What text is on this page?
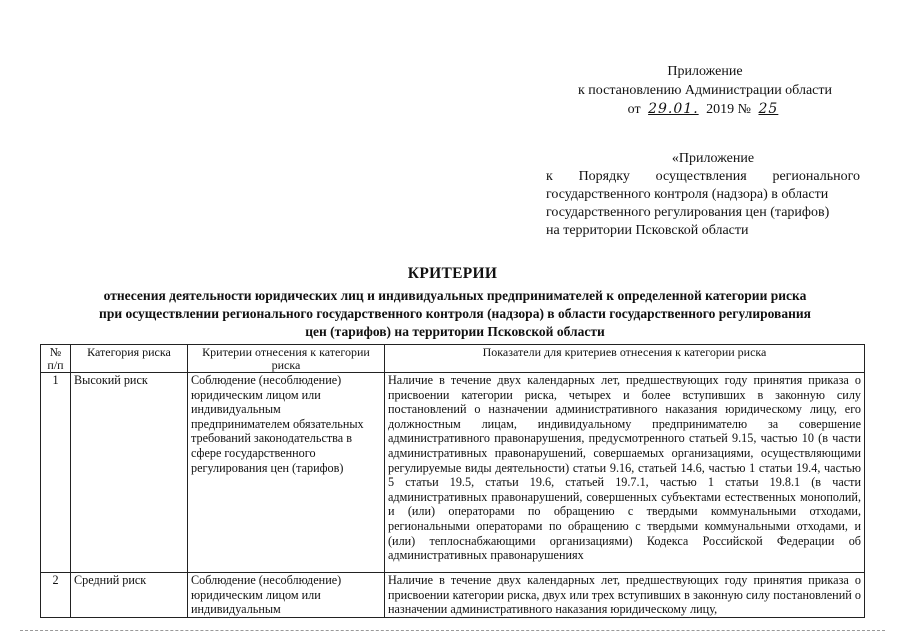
Приложение
к постановлению Администрации области
от 29.01. 2019 № 25
«Приложение
к Порядку осуществления регионального
государственного контроля (надзора) в области
государственного регулирования цен (тарифов)
на территории Псковской области
КРИТЕРИИ
отнесения деятельности юридических лиц и индивидуальных предпринимателей к определенной категории риска
при осуществлении регионального государственного контроля (надзора) в области государственного регулирования
цен (тарифов) на территории Псковской области
№ п/п	Категория риска	Критерии отнесения к категории риска	Показатели для критериев отнесения к категории риска
1	Высокий риск	Соблюдение (несоблюдение) юридическим лицом или индивидуальным предпринимателем обязательных требований законодательства в сфере государственного регулирования цен (тарифов)	Наличие в течение двух календарных лет, предшествующих году принятия приказа о присвоении категории риска, четырех и более вступивших в законную силу постановлений о назначении административного наказания юридическому лицу, его должностным лицам, индивидуальному предпринимателю за совершение административного правонарушения, предусмотренного статьей 9.15, частью 10 (в части административных правонарушений, совершаемых организациями, осуществляющими регулируемые виды деятельности) статьи 9.16, статьей 14.6, частью 1 статьи 19.4, частью 5 статьи 19.5, статьи 19.6, статьей 19.7.1, частью 1 статьи 19.8.1 (в части административных правонарушений, совершенных субъектами естественных монополий, и (или) операторами по обращению с твердыми коммунальными отходами, региональными операторами по обращению с твердыми коммунальными отходами, и (или) теплоснабжающими организациями) Кодекса Российской Федерации об административных правонарушениях
2	Средний риск	Соблюдение (несоблюдение) юридическим лицом или индивидуальным	Наличие в течение двух календарных лет, предшествующих году принятия приказа о присвоении категории риска, двух или трех вступивших в законную силу постановлений о назначении административного наказания юридическому лицу,
